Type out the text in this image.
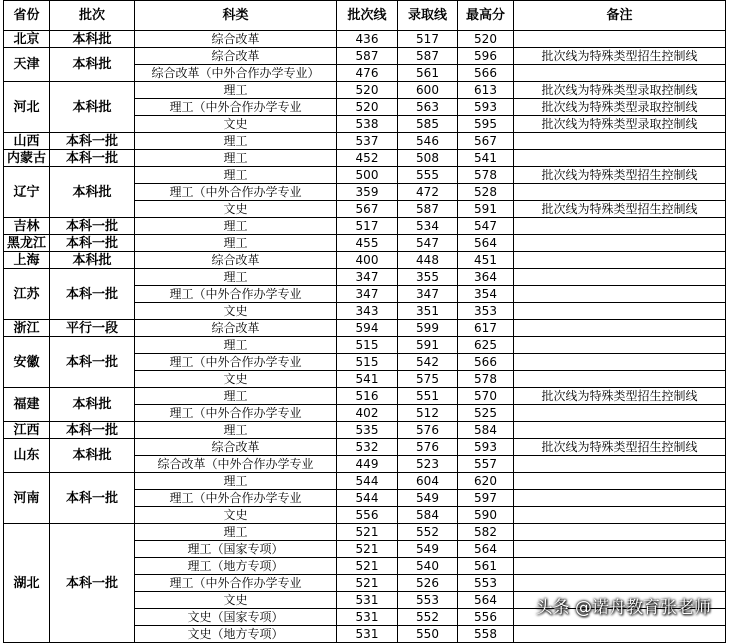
省份	批次	科类	批次线	录取线	最高分	备注
北京	本科批	综合改革	436	517	520	
天津	本科批	综合改革	587	587	596	批次线为特殊类型招生控制线
		综合改革（中外合作办学专业）	476	561	566	
河北	本科批	理工	520	600	613	批次线为特殊类型录取控制线
		理工（中外合作办学专业	520	563	593	批次线为特殊类型录取控制线
		文史	538	585	595	批次线为特殊类型录取控制线
山西	本科一批	理工	537	546	567	
内蒙古	本科一批	理工	452	508	541	
辽宁	本科批	理工	500	555	578	批次线为特殊类型招生控制线
		理工（中外合作办学专业	359	472	528	
		文史	567	587	591	批次线为特殊类型招生控制线
吉林	本科一批	理工	517	534	547	
黑龙江	本科一批	理工	455	547	564	
上海	本科批	综合改革	400	448	451	
江苏	本科一批	理工	347	355	364	
		理工（中外合作办学专业	347	347	354	
		文史	343	351	353	
浙江	平行一段	综合改革	594	599	617	
安徽	本科一批	理工	515	591	625	
		理工（中外合作办学专业	515	542	566	
		文史	541	575	578	
福建	本科批	理工	516	551	570	批次线为特殊类型招生控制线
		理工（中外合作办学专业	402	512	525	
江西	本科一批	理工	535	576	584	
山东	本科批	综合改革	532	576	593	批次线为特殊类型招生控制线
		综合改革（中外合作办学专业	449	523	557	
河南	本科一批	理工	544	604	620	
		理工（中外合作办学专业	544	549	597	
		文史	556	584	590	
湖北	本科一批	理工	521	552	582	
		理工（国家专项）	521	549	564	
		理工（地方专项）	521	540	561	
		理工（中外合作办学专业	521	526	553	
		文史	531	553	564	
		文史（国家专项）	531	552	556	
		文史（地方专项）	531	550	558	
头条 @诺舟教育张老师
